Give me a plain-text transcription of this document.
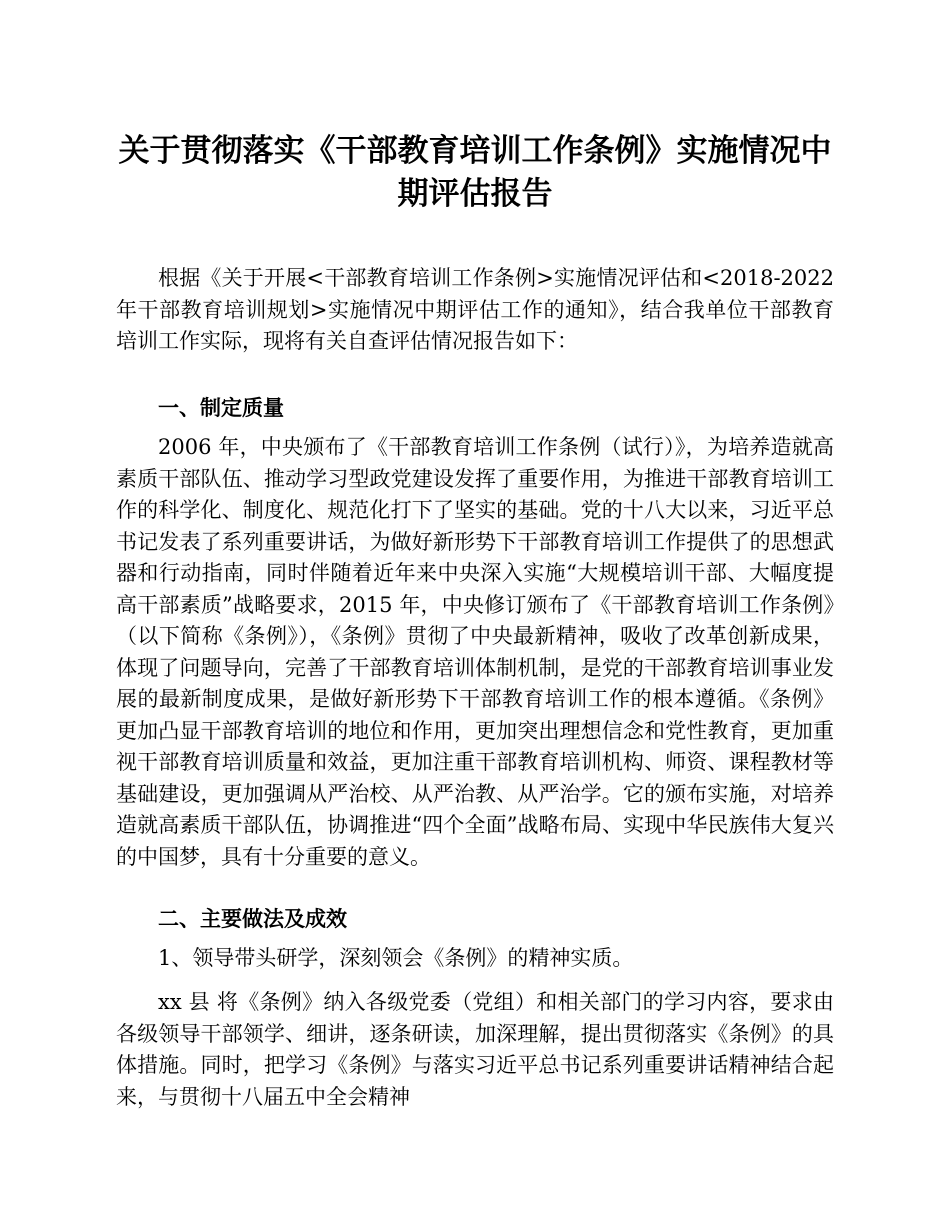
关于贯彻落实《干部教育培训工作条例》实施情况中期评估报告

根据《关于开展<干部教育培训工作条例>实施情况评估和<2018-2022 年干部教育培训规划>实施情况中期评估工作的通知》，结合我单位干部教育培训工作实际，现将有关自查评估情况报告如下：

一、制定质量

2006 年，中央颁布了《干部教育培训工作条例（试行）》，为培养造就高素质干部队伍、推动学习型政党建设发挥了重要作用，为推进干部教育培训工作的科学化、制度化、规范化打下了坚实的基础。党的十八大以来，习近平总书记发表了系列重要讲话，为做好新形势下干部教育培训工作提供了的思想武器和行动指南，同时伴随着近年来中央深入实施“大规模培训干部、大幅度提高干部素质”战略要求，2015 年，中央修订颁布了《干部教育培训工作条例》（以下简称《条例》），《条例》贯彻了中央最新精神，吸收了改革创新成果，体现了问题导向，完善了干部教育培训体制机制，是党的干部教育培训事业发展的最新制度成果，是做好新形势下干部教育培训工作的根本遵循。《条例》更加凸显干部教育培训的地位和作用，更加突出理想信念和党性教育，更加重视干部教育培训质量和效益，更加注重干部教育培训机构、师资、课程教材等基础建设，更加强调从严治校、从严治教、从严治学。它的颁布实施，对培养造就高素质干部队伍，协调推进“四个全面”战略布局、实现中华民族伟大复兴的中国梦，具有十分重要的意义。

二、主要做法及成效

1、领导带头研学，深刻领会《条例》的精神实质。

xx 县 将《条例》纳入各级党委（党组）和相关部门的学习内容，要求由各级领导干部领学、细讲，逐条研读，加深理解，提出贯彻落实《条例》的具体措施。同时，把学习《条例》与落实习近平总书记系列重要讲话精神结合起来，与贯彻十八届五中全会精神
